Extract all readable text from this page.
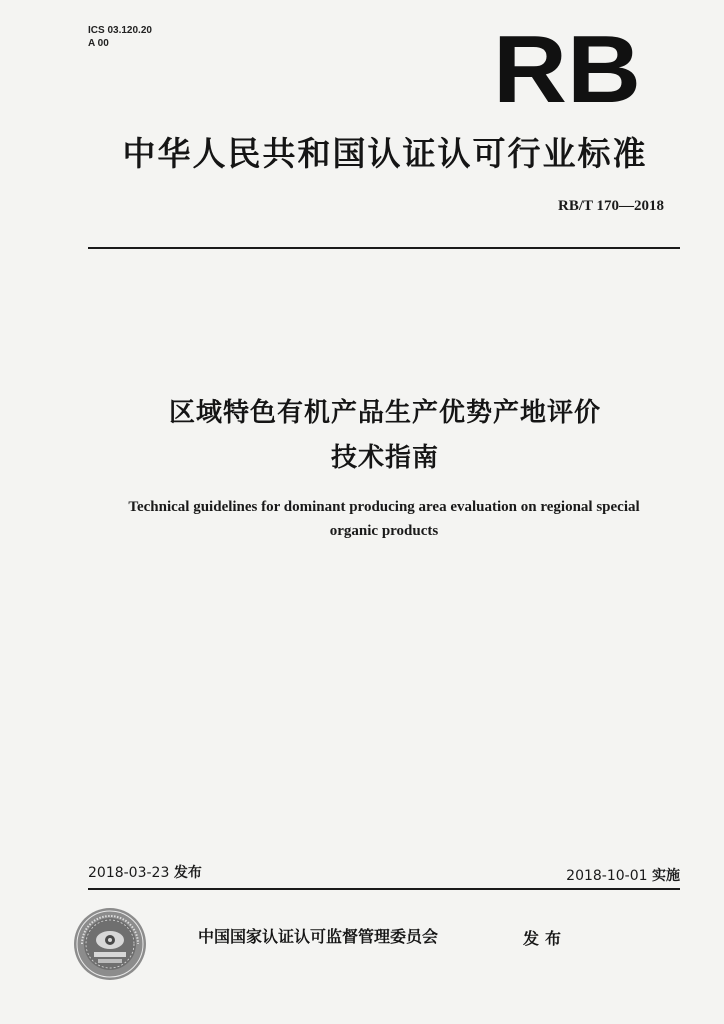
ICS 03.120.20
A 00	RB
中华人民共和国认证认可行业标准
RB/T 170—2018
区域特色有机产品生产优势产地评价
技术指南
Technical guidelines for dominant producing area evaluation on regional special
organic products
2018-03-23 发布	2018-10-01 实施
中国国家认证认可监督管理委员会	发布
